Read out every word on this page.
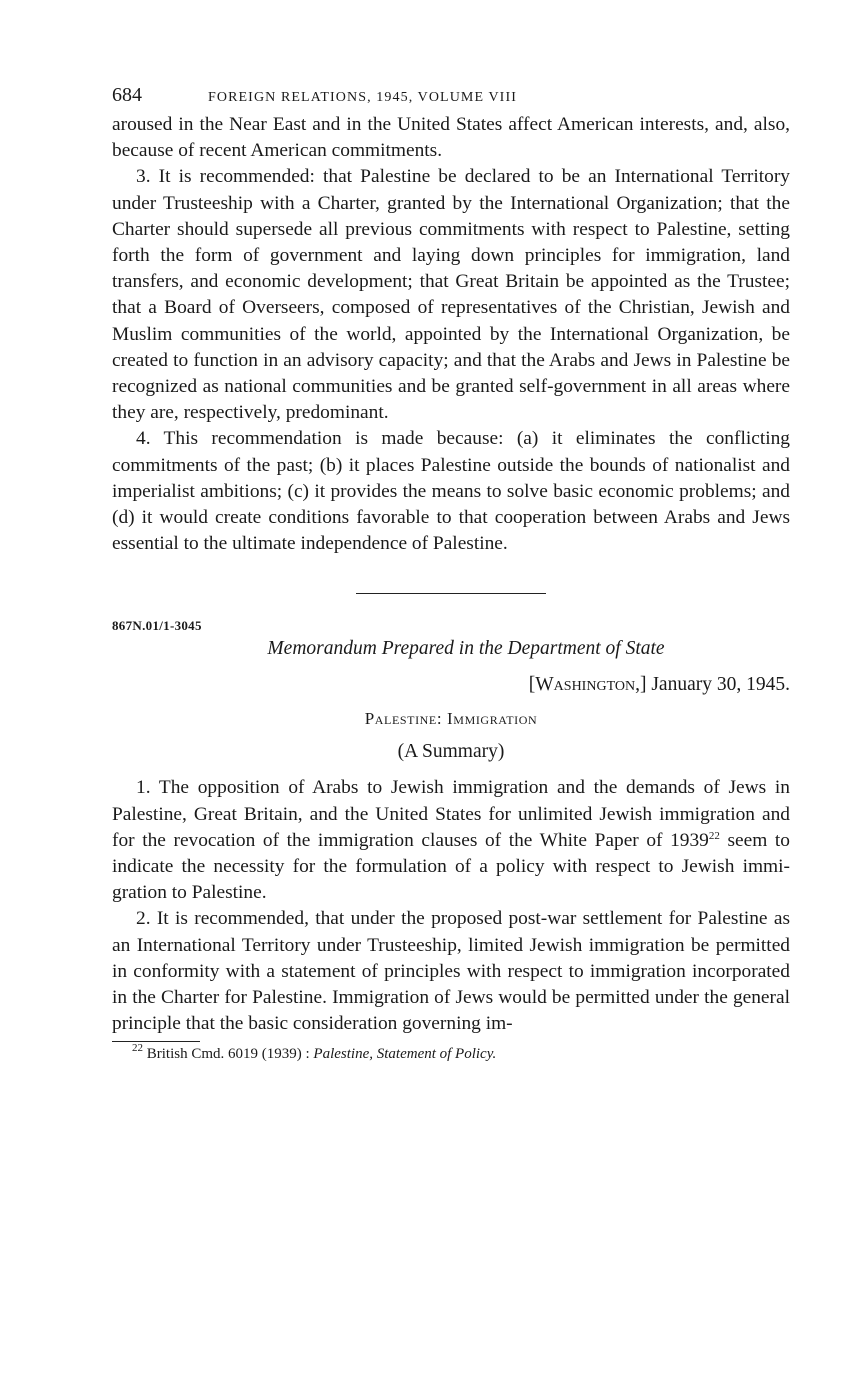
684	FOREIGN RELATIONS, 1945, VOLUME VIII

aroused in the Near East and in the United States affect American interests, and, also, because of recent American commitments.

3. It is recommended: that Palestine be declared to be an International Territory under Trusteeship with a Charter, granted by the International Organization; that the Charter should supersede all previous commitments with respect to Palestine, setting forth the form of government and laying down principles for immigration, land transfers, and economic development; that Great Britain be appointed as the Trustee; that a Board of Overseers, composed of representatives of the Christian, Jewish and Muslim communities of the world, appointed by the International Organization, be created to function in an advisory capacity; and that the Arabs and Jews in Palestine be recognized as national communities and be granted self-government in all areas where they are, respectively, predominant.

4. This recommendation is made because: (a) it eliminates the conflicting commitments of the past; (b) it places Palestine outside the bounds of nationalist and imperialist ambitions; (c) it provides the means to solve basic economic problems; and (d) it would create conditions favorable to that cooperation between Arabs and Jews essential to the ultimate independence of Palestine.

867N.01/1-3045
Memorandum Prepared in the Department of State
[Washington,] January 30, 1945.
Palestine: Immigration
(A Summary)

1. The opposition of Arabs to Jewish immigration and the demands of Jews in Palestine, Great Britain, and the United States for unlimited Jewish immigration and for the revocation of the immigration clauses of the White Paper of 1939$^{22}$ seem to indicate the necessity for the formulation of a policy with respect to Jewish immigration to Palestine.

2. It is recommended, that under the proposed post-war settlement for Palestine as an International Territory under Trusteeship, limited Jewish immigration be permitted in conformity with a statement of principles with respect to immigration incorporated in the Charter for Palestine. Immigration of Jews would be permitted under the general principle that the basic consideration governing im-

$^{22}$ British Cmd. 6019 (1939) : Palestine, Statement of Policy.
